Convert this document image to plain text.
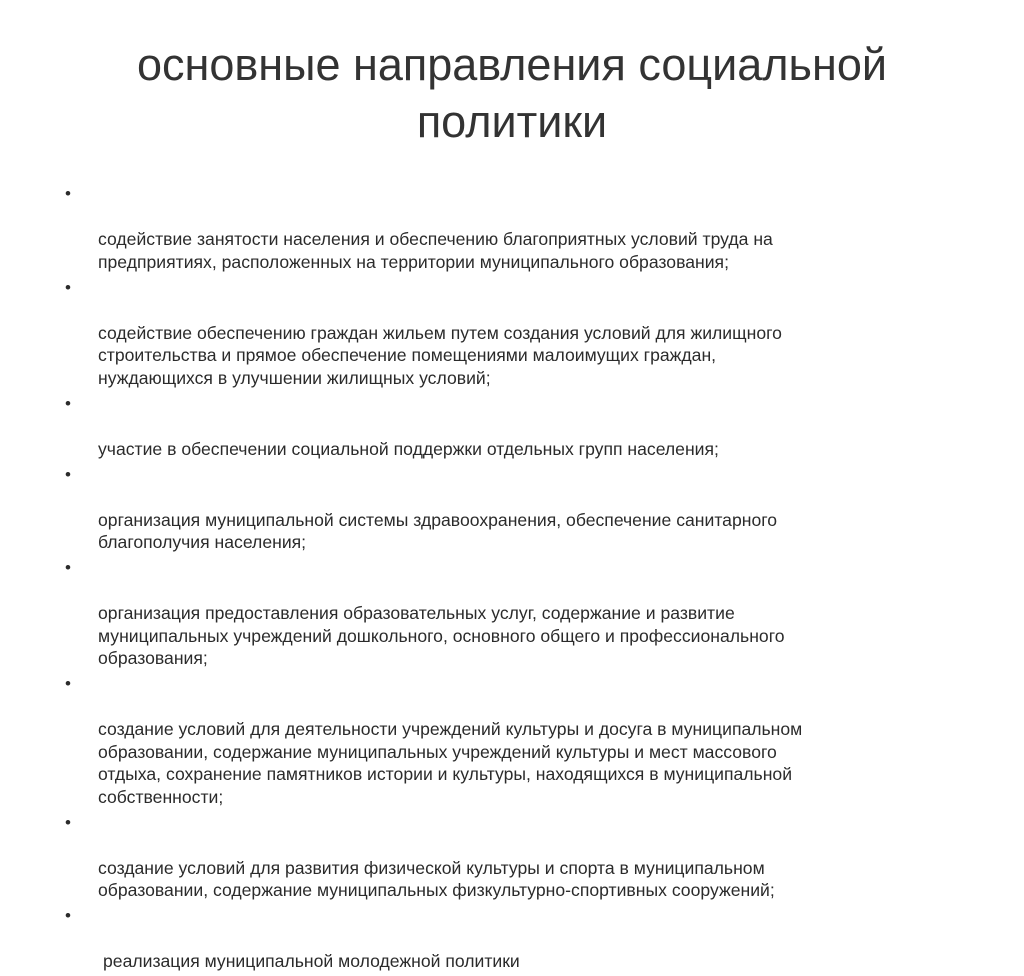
основные направления социальной
политики

•

содействие занятости населения и обеспечению благоприятных условий труда на
предприятиях, расположенных на территории муниципального образования;

•

содействие обеспечению граждан жильем путем создания условий для жилищного
строительства и прямое обеспечение помещениями малоимущих граждан,
нуждающихся в улучшении жилищных условий;

•

участие в обеспечении социальной поддержки отдельных групп населения;

•

организация муниципальной системы здравоохранения, обеспечение санитарного
благополучия населения;

•

организация предоставления образовательных услуг, содержание и развитие
муниципальных учреждений дошкольного, основного общего и профессионального
образования;

•

создание условий для деятельности учреждений культуры и досуга в муниципальном
образовании, содержание муниципальных учреждений культуры и мест массового
отдыха, сохранение памятников истории и культуры, находящихся в муниципальной
собственности;

•

создание условий для развития физической культуры и спорта в муниципальном
образовании, содержание муниципальных физкультурно-спортивных сооружений;

•

реализация муниципальной молодежной политики
